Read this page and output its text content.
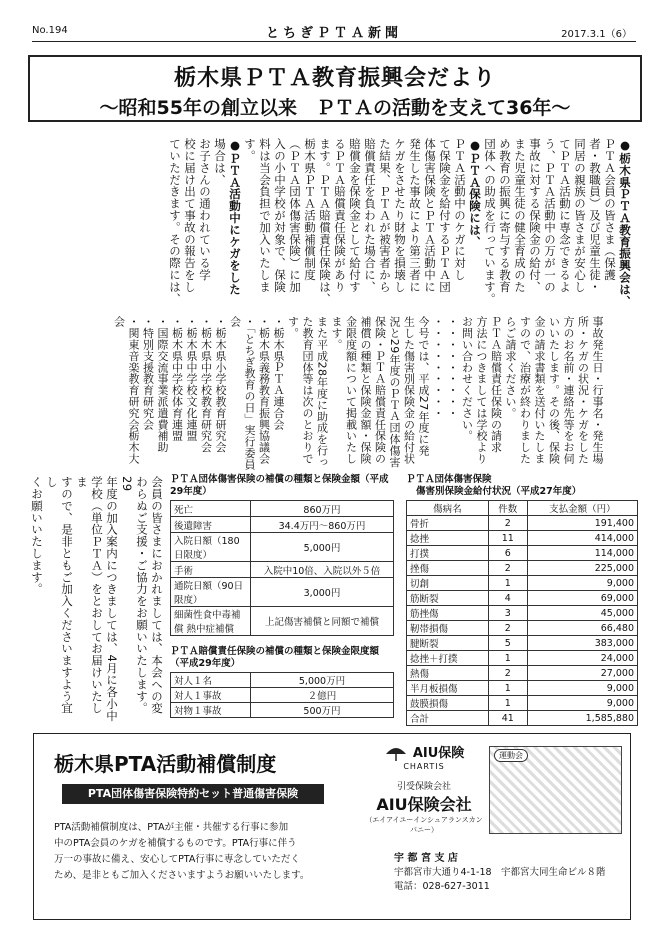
No.194	とちぎＰＴＡ新聞	2017.3.1（6）
栃木県ＰＴＡ教育振興会だより
～昭和55年の創立以来　ＰＴＡの活動を支えて36年～

●栃木県ＰＴＡ教育振興会は、

ＰＴＡ会員の皆さま（保護

者・教職員）及び児童生徒・

同居の親族の皆さまが安心し

てＰＴＡ活動に専念できるよ

う、ＰＴＡ活動中の万が一の

事故に対する保険金の給付、

また児童生徒の健全育成のた

め教育の振興に寄与する教育

団体への助成を行っています。

●ＰＴＡ保険には、

ＰＴＡ活動中のケガに対し

て保険金を給付するＰＴＡ団

体傷害保険とＰＴＡ活動中に

発生した事故により第三者に

ケガをさせたり財物を損壊し

た結果、ＰＴＡが被害者から

賠償責任を負われた場合に、

賠償金を保険金として給付す

るＰＴＡ賠償責任保険があり

ます。ＰＴＡ賠償責任保険は、

栃木県ＰＴＡ活動補償制度

（ＰＴＡ団体傷害保険）に加

入の小中学校が対象で、保険

料は当会負担で加入いたしま

す。

●ＰＴＡ活動中にケガをした

場合は、

お子さんの通われている学

校に届け出て事故の報告をし

ていただきます。その際には、

ＰＴＡ団体傷害保険の補償の種類と保険金額（平成29年度）
死亡	860万円
後遺障害	34.4万円～860万円
入院日額（180日限度）	5,000円
手術	入院中10倍、入院以外５倍
通院日額（90日限度）	3,000円
細菌性食中毒補償 熱中症補償	上記傷害補償と同額で補償
ＰＴＡ賠償責任保険の補償の種類と保険金限度額（平成29年度）
対人１名	5,000万円
対人１事故	２億円
対物１事故	500万円
ＰＴＡ団体傷害保険
傷害別保険金給付状況（平成27年度）
傷病名	件数	支払金額（円）
骨折	2	191,400
捻挫	11	414,000
打撲	6	114,000
挫傷	2	225,000
切創	1	9,000
筋断裂	4	69,000
筋挫傷	3	45,000
靭帯損傷	2	66,480
腱断裂	5	383,000
捻挫＋打撲	1	24,000
熱傷	2	27,000
半月板損傷	1	9,000
鼓膜損傷	1	9,000
合計	41	1,585,880

会員の皆さまにおかれましては、本会への変

わらぬご支援・ご協力をお願いいたします。29

年度の加入案内につきましては、4月に各小中

学校（単位ＰＴＡ）をとおしてお届けいたしま

すので、是非ともご加入くださいますよう宜し

くお願いいたします。

栃木県PTA活動補償制度
PTA団体傷害保険特約セット普通傷害保険
PTA活動補償制度は、PTAが主催・共催する行事に参加
中のPTA会員のケガを補償するものです。PTA行事に伴う
万一の事故に備え、安心してPTA行事に専念していただく
ため、是非ともご加入くださいますようお願いいたします。
AIU保険
CHARTIS
引受保険会社
AIU保険会社
（エイアイユーインシュアランスカンパニー）
運動会
宇 都 宮 支 店
宇都宮市大通り4-1-18　宇都宮大同生命ビル８階
電話：028-627-3011

事故発生日・行事名・発生場

所・ケガの状況・ケガをした

方のお名前・連絡先等をお伺

いいたします。その後、保険

金の請求書類を送付いたしま

すので、治療が終わりました

らご請求ください。

ＰＴＡ賠償責任保険の請求

方法につきましては学校より

お問い合わせください。

・・・・・・・・・

・・・・・・・・・

今号では、平成27年度に発

生した傷害別保険金の給付状

況と29年度のＰＴＡ団体傷害

保険・ＰＴＡ賠償責任保険の

補償の種類と保険金額・保険

金限度額について掲載いたし

ます。

また平成28年度に助成を行っ

た教育団体等は次のとおりで

す。

・栃木県ＰＴＡ連合会

・栃木県義務教育振興協議会

・「とちぎ教育の日」実行委員会

・栃木県小学校教育研究会

・栃木県中学校教育研究会

・栃木県中学校文化連盟

・栃木県中学校体育連盟

・国際交流事業派遣費補助

・特別支援教育研究会

・関東音楽教育研究会栃木大会
